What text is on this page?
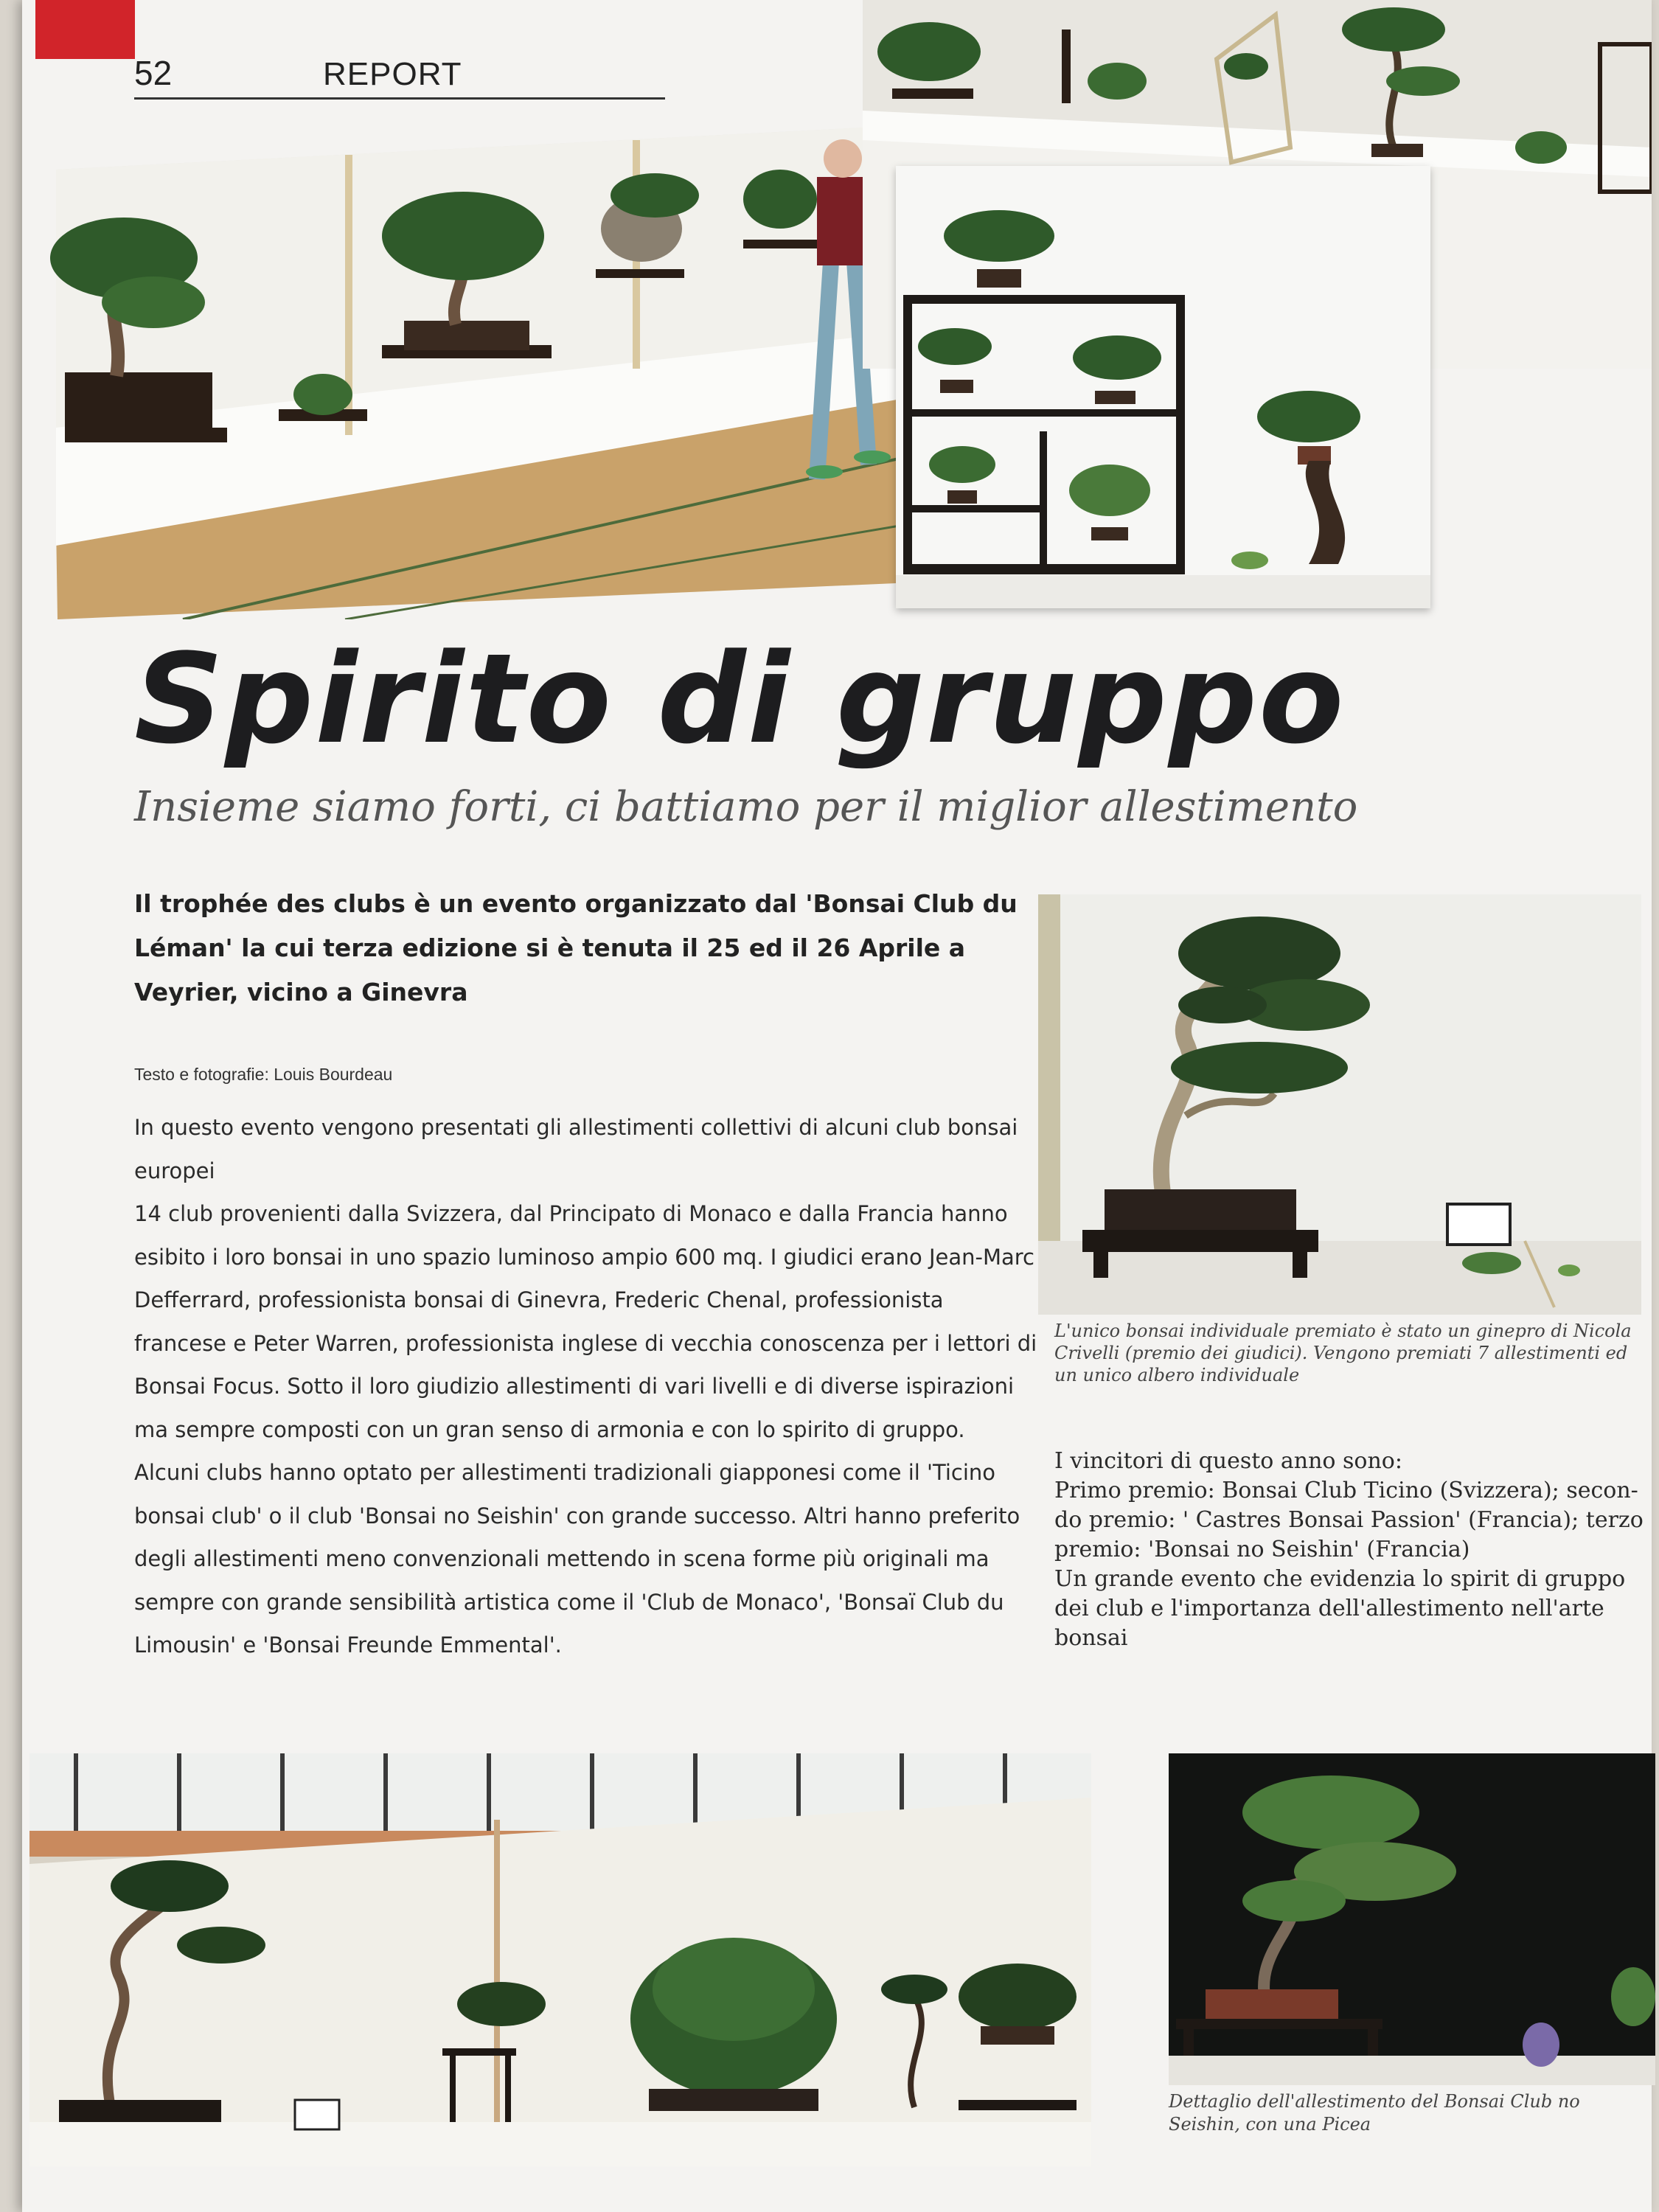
52	REPORT
Spirito di gruppo
Insieme siamo forti, ci battiamo per il miglior allestimento
Il trophée des clubs è un evento organizzato dal 'Bonsai Club du Léman' la cui terza edizione si è tenuta il 25 ed il 26 Aprile a Veyrier, vicino a Ginevra
Testo e fotografie: Louis Bourdeau

In questo evento vengono presentati gli allestimenti collettivi di alcuni club bonsai europei

14 club provenienti dalla Svizzera, dal Principato di Monaco e dalla Francia hanno esibito i loro bonsai in uno spazio luminoso ampio 600 mq. I giudici erano Jean-Marc Defferrard, professionista bonsai di Ginevra, Frederic Chenal, professionista francese e Peter Warren, professionista inglese di vecchia conoscenza per i lettori di Bonsai Focus. Sotto il loro giudizio allestimenti di vari livelli e di diverse ispirazioni ma sempre composti con un gran senso di armonia e con lo spirito di gruppo.

Alcuni clubs hanno optato per allestimenti tradizionali giapponesi come il 'Ticino bonsai club' o il club 'Bonsai no Seishin' con grande successo. Altri hanno preferito degli allestimenti meno convenzionali mettendo in scena forme più originali ma sempre con grande sensibilità artistica come il 'Club de Monaco', 'Bonsaï Club du Limousin' e 'Bonsai Freunde Emmental'.

L'unico bonsai individuale premiato è stato un ginepro di Nicola Crivelli (premio dei giudici). Vengono premiati 7 allestimenti ed un unico albero individuale

I vincitori di questo anno sono:

Primo premio: Bonsai Club Ticino (Svizzera); secondo premio: ' Castres Bonsai Passion' (Francia); terzo premio: 'Bonsai no Seishin' (Francia)

Un grande evento che evidenzia lo spirit di gruppo dei club e l'importanza dell'allestimento nell'arte bonsai

Dettaglio dell'allestimento del Bonsai Club no Seishin, con una Picea
